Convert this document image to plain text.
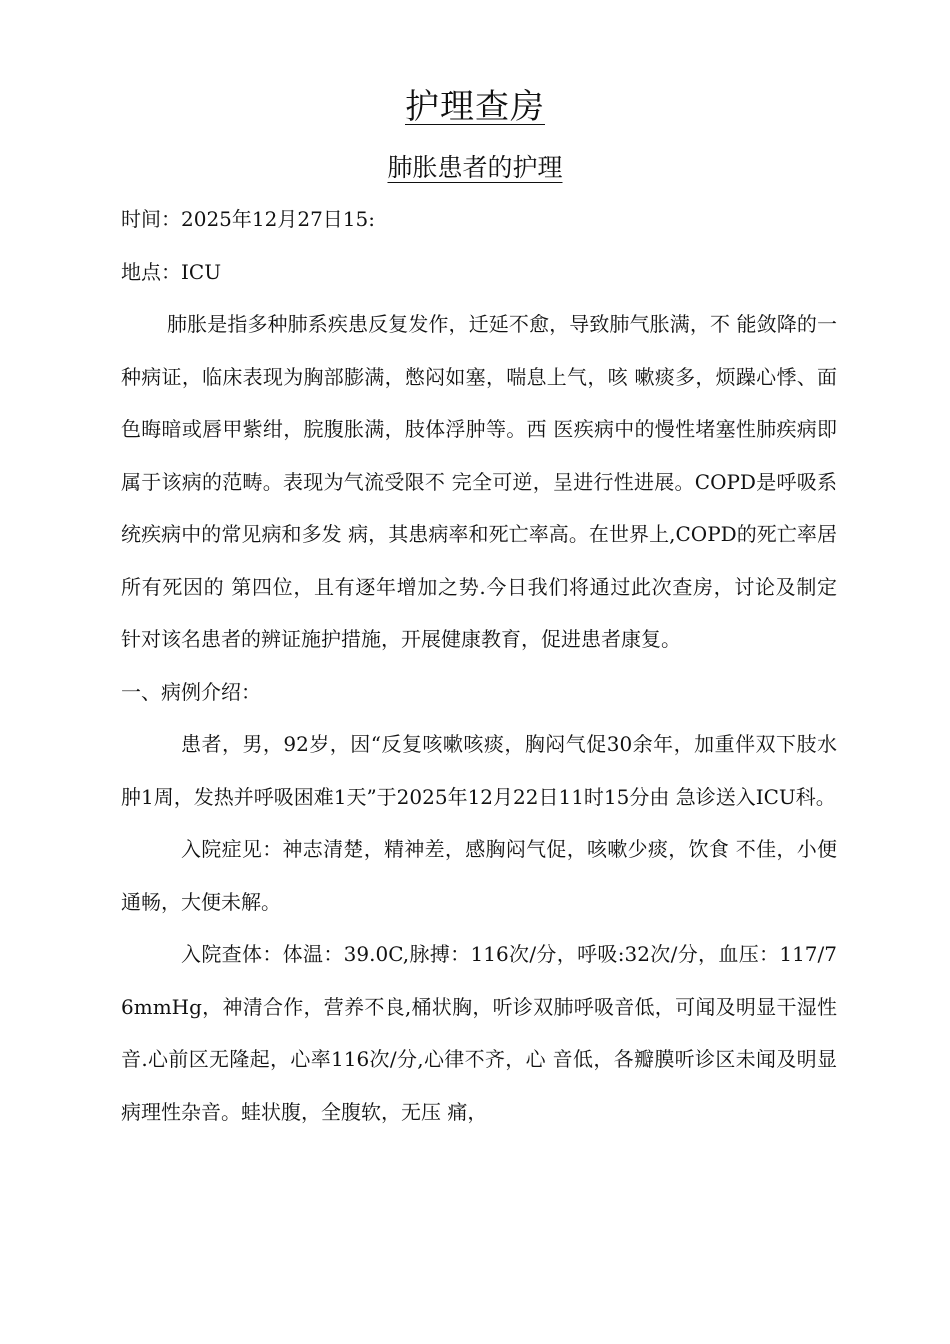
护理查房
肺胀患者的护理

时间：2025年12月27日15:

地点：ICU

肺胀是指多种肺系疾患反复发作，迁延不愈，导致肺气胀满，不 能敛降的一种病证，临床表现为胸部膨满，憋闷如塞，喘息上气，咳 嗽痰多，烦躁心悸、面色晦暗或唇甲紫绀，脘腹胀满，肢体浮肿等。西 医疾病中的慢性堵塞性肺疾病即属于该病的范畴。表现为气流受限不 完全可逆，呈进行性进展。COPD是呼吸系统疾病中的常见病和多发 病，其患病率和死亡率高。在世界上,COPD的死亡率居所有死因的 第四位，且有逐年增加之势.今日我们将通过此次查房，讨论及制定 针对该名患者的辨证施护措施，开展健康教育，促进患者康复。

一、病例介绍：

患者，男，92岁，因“反复咳嗽咳痰，胸闷气促30余年，加重伴双下肢水肿1周，发热并呼吸困难1天”于2025年12月22日11时15分由 急诊送入ICU科。

入院症见：神志清楚，精神差，感胸闷气促，咳嗽少痰，饮食 不佳，小便通畅，大便未解。

入院查体：体温：39.0C,脉搏：116次/分，呼吸:32次/分，血压：117/76mmHg，神清合作，营养不良,桶状胸，听诊双肺呼吸音低，可闻及明显干湿性 音.心前区无隆起，心率116次/分,心律不齐，心 音低，各瓣膜听诊区未闻及明显病理性杂音。蛙状腹，全腹软，无压 痛，
